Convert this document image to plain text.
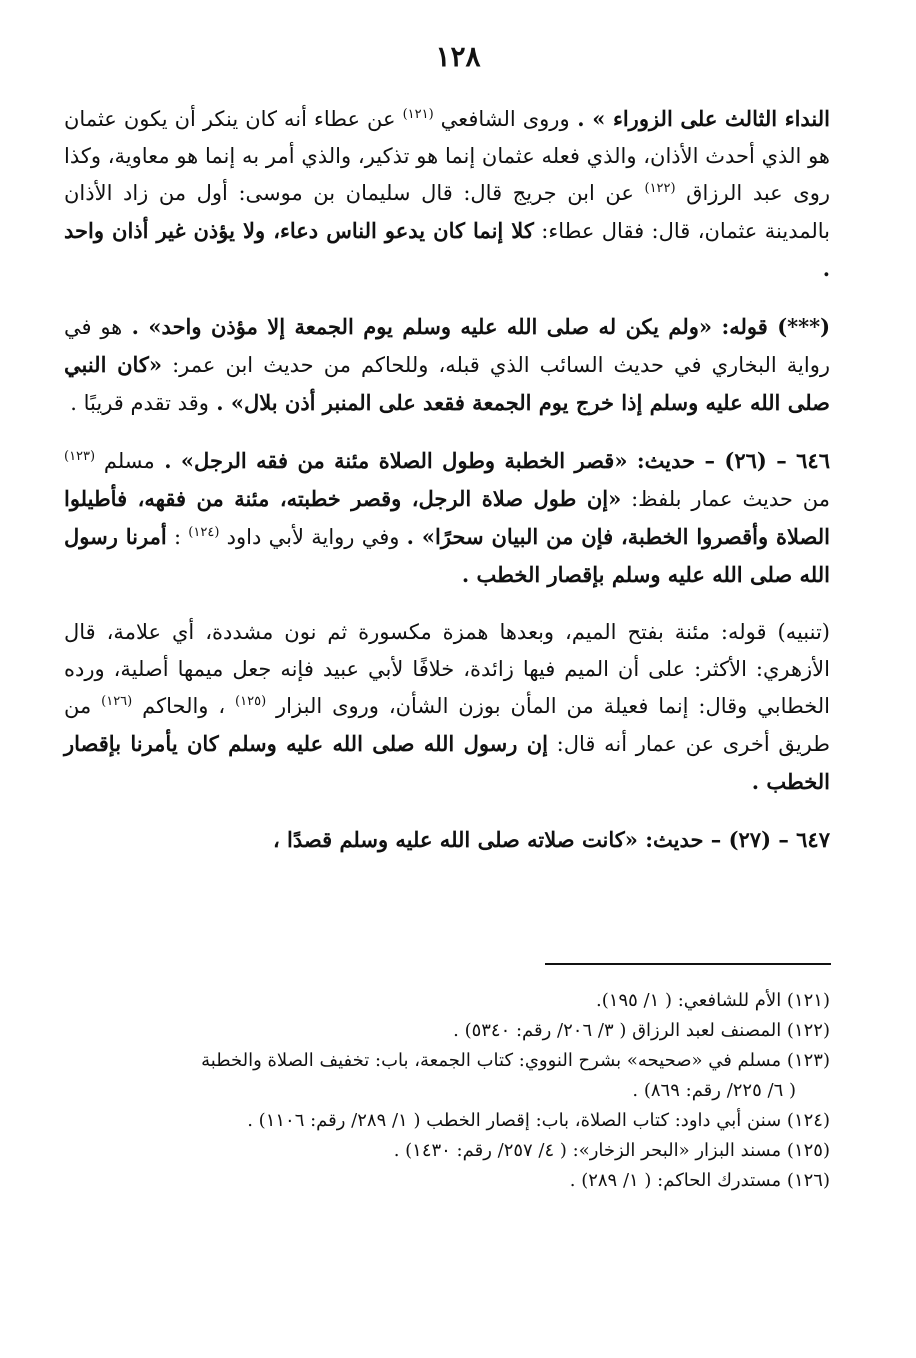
١٢٨

النداء الثالث على الزوراء » . وروى الشافعي $^{(١٢١)}$ عن عطاء أنه كان ينكر أن يكون عثمان هو الذي أحدث الأذان، والذي فعله عثمان إنما هو تذكير، والذي أمر به إنما هو معاوية، وكذا روى عبد الرزاق $^{(١٢٢)}$ عن ابن جريج قال: قال سليمان بن موسى: أول من زاد الأذان بالمدينة عثمان، قال: فقال عطاء: كلا إنما كان يدعو الناس دعاء، ولا يؤذن غير أذان واحد .

(***) قوله: «ولم يكن له صلى الله عليه وسلم يوم الجمعة إلا مؤذن واحد» . هو في رواية البخاري في حديث السائب الذي قبله، وللحاكم من حديث ابن عمر: «كان النبي صلى الله عليه وسلم إذا خرج يوم الجمعة فقعد على المنبر أذن بلال» . وقد تقدم قريبًا .

٦٤٦ – (٢٦) – حديث: «قصر الخطبة وطول الصلاة مئنة من فقه الرجل» . مسلم $^{(١٢٣)}$ من حديث عمار بلفظ: «إن طول صلاة الرجل، وقصر خطبته، مئنة من فقهه، فأطيلوا الصلاة وأقصروا الخطبة، فإن من البيان سحرًا» . وفي رواية لأبي داود $^{(١٢٤)}$ : أمرنا رسول الله صلى الله عليه وسلم بإقصار الخطب .

(تنبيه) قوله: مئنة بفتح الميم، وبعدها همزة مكسورة ثم نون مشددة، أي علامة، قال الأزهري: الأكثر: على أن الميم فيها زائدة، خلافًا لأبي عبيد فإنه جعل ميمها أصلية، ورده الخطابي وقال: إنما فعيلة من المأن بوزن الشأن، وروى البزار $^{(١٢٥)}$ ، والحاكم $^{(١٢٦)}$ من طريق أخرى عن عمار أنه قال: إن رسول الله صلى الله عليه وسلم كان يأمرنا بإقصار الخطب .

٦٤٧ – (٢٧) – حديث: «كانت صلاته صلى الله عليه وسلم قصدًا ،

(١٢١) الأم للشافعي: ( ١/ ١٩٥).

(١٢٢) المصنف لعبد الرزاق ( ٣/ ٢٠٦/ رقم: ٥٣٤٠) .

(١٢٣) مسلم في «صحيحه» بشرح النووي: كتاب الجمعة، باب: تخفيف الصلاة والخطبة

( ٦/ ٢٢٥/ رقم: ٨٦٩) .

(١٢٤) سنن أبي داود: كتاب الصلاة، باب: إقصار الخطب ( ١/ ٢٨٩/ رقم: ١١٠٦) .

(١٢٥) مسند البزار «البحر الزخار»: ( ٤/ ٢٥٧/ رقم: ١٤٣٠) .

(١٢٦) مستدرك الحاكم: ( ١/ ٢٨٩) .
